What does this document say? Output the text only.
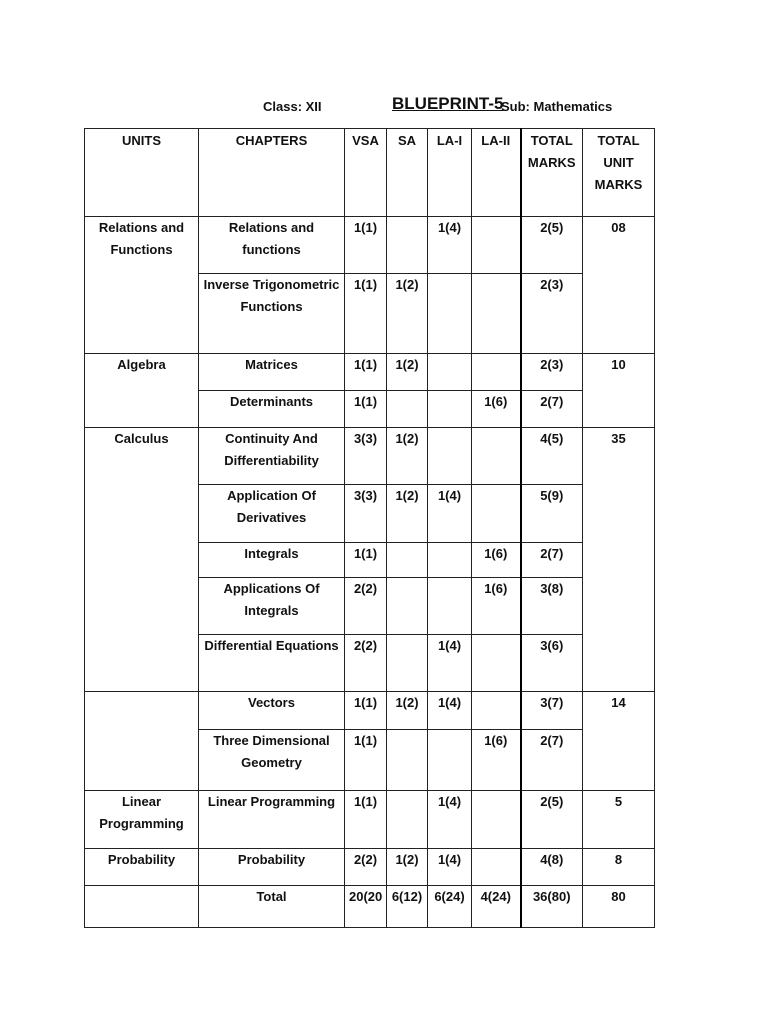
Class: XII	BLUEPRINT-5
Sub: Mathematics
UNITS	CHAPTERS	VSA	SA	LA-I	LA-II	TOTAL MARKS	TOTAL UNIT MARKS
Relations and Functions	Relations and functions	1(1)		1(4)		2(5)	08
	Inverse Trigonometric Functions	1(1)	1(2)			2(3)	
Algebra	Matrices	1(1)	1(2)			2(3)	10
	Determinants	1(1)			1(6)	2(7)	
Calculus	Continuity And Differentiability	3(3)	1(2)			4(5)	35
	Application Of Derivatives	3(3)	1(2)	1(4)		5(9)	
	Integrals	1(1)			1(6)	2(7)	
	Applications Of Integrals	2(2)			1(6)	3(8)	
	Differential Equations	2(2)		1(4)		3(6)	
	Vectors	1(1)	1(2)	1(4)		3(7)	14
	Three Dimensional Geometry	1(1)			1(6)	2(7)	
Linear Programming	Linear Programming	1(1)		1(4)		2(5)	5
Probability	Probability	2(2)	1(2)	1(4)		4(8)	8
	Total	20(20	6(12)	6(24)	4(24)	36(80)	80
